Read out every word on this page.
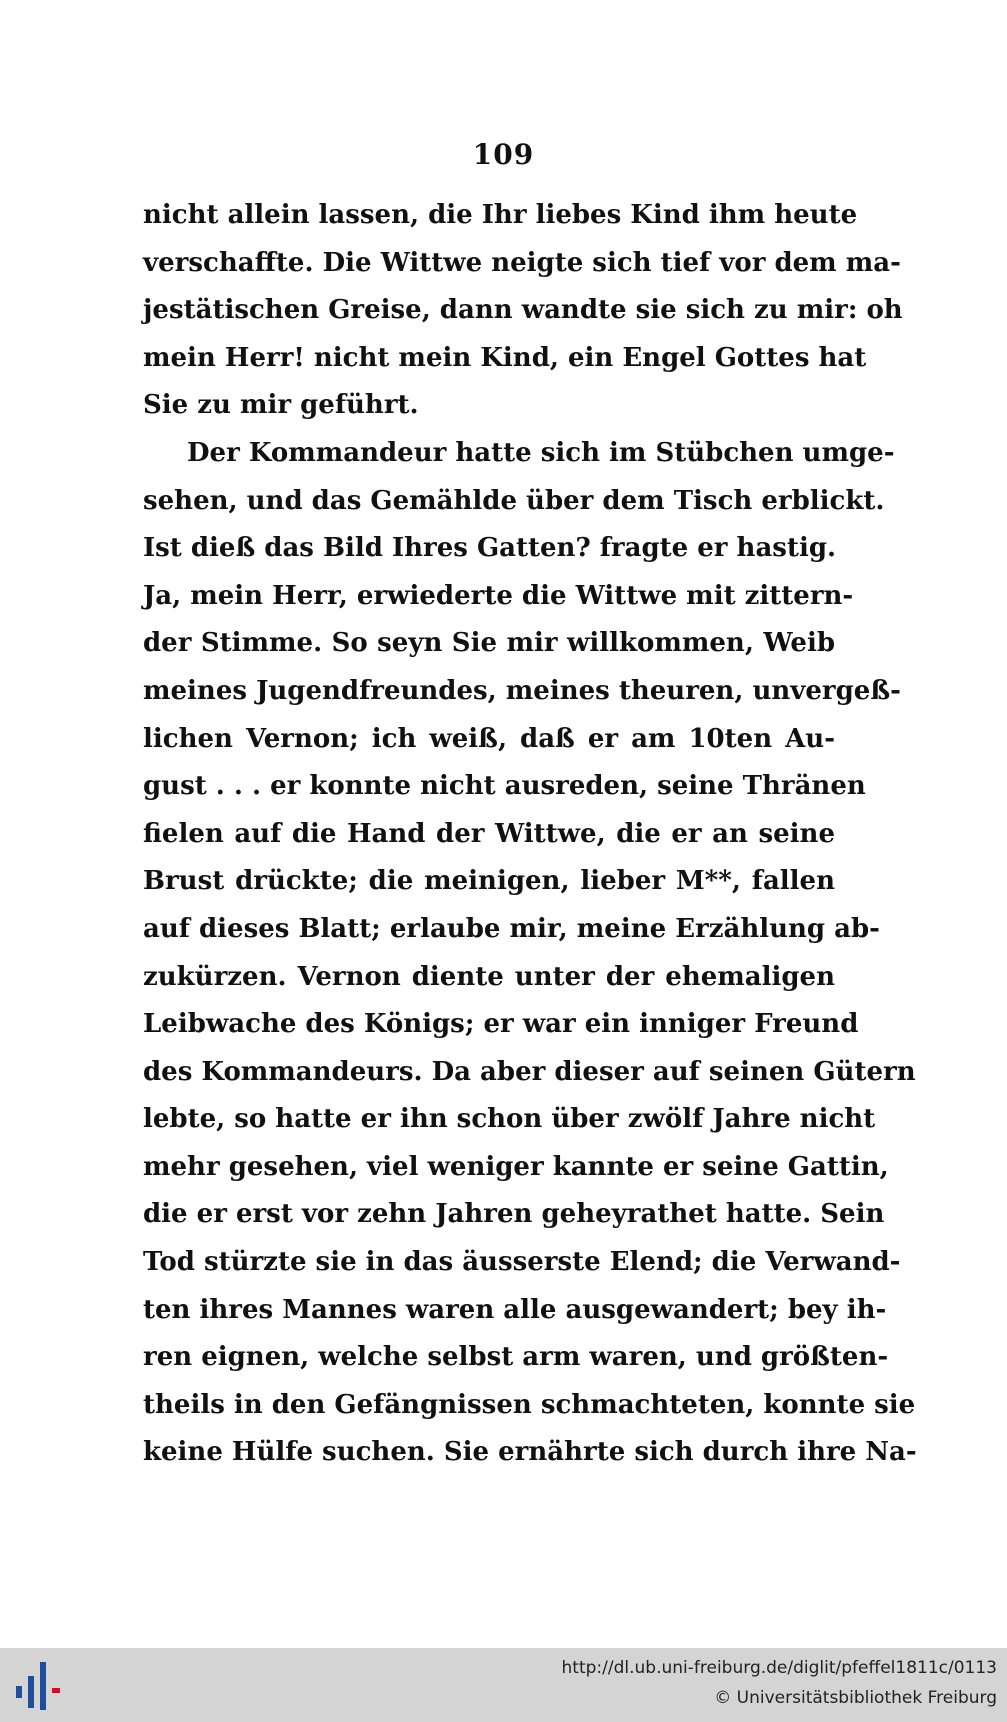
109
nicht allein lassen, die Ihr liebes Kind ihm heute
verschaffte. Die Wittwe neigte sich tief vor dem ma-
jestätischen Greise, dann wandte sie sich zu mir: oh
mein Herr! nicht mein Kind, ein Engel Gottes hat
Sie zu mir geführt.
Der Kommandeur hatte sich im Stübchen umge-
sehen, und das Gemählde über dem Tisch erblickt.
Ist dieß das Bild Ihres Gatten? fragte er hastig.
Ja, mein Herr, erwiederte die Wittwe mit zittern-
der Stimme. So seyn Sie mir willkommen, Weib
meines Jugendfreundes, meines theuren, unvergeß-
lichen Vernon; ich weiß, daß er am 10ten Au-
gust . . . er konnte nicht ausreden, seine Thränen
fielen auf die Hand der Wittwe, die er an seine
Brust drückte; die meinigen, lieber M**, fallen
auf dieses Blatt; erlaube mir, meine Erzählung ab-
zukürzen. Vernon diente unter der ehemaligen
Leibwache des Königs; er war ein inniger Freund
des Kommandeurs. Da aber dieser auf seinen Gütern
lebte, so hatte er ihn schon über zwölf Jahre nicht
mehr gesehen, viel weniger kannte er seine Gattin,
die er erst vor zehn Jahren geheyrathet hatte. Sein
Tod stürzte sie in das äusserste Elend; die Verwand-
ten ihres Mannes waren alle ausgewandert; bey ih-
ren eignen, welche selbst arm waren, und größten-
theils in den Gefängnissen schmachteten, konnte sie
keine Hülfe suchen. Sie ernährte sich durch ihre Na-
http://dl.ub.uni-freiburg.de/diglit/pfeffel1811c/0113
© Universitätsbibliothek Freiburg
